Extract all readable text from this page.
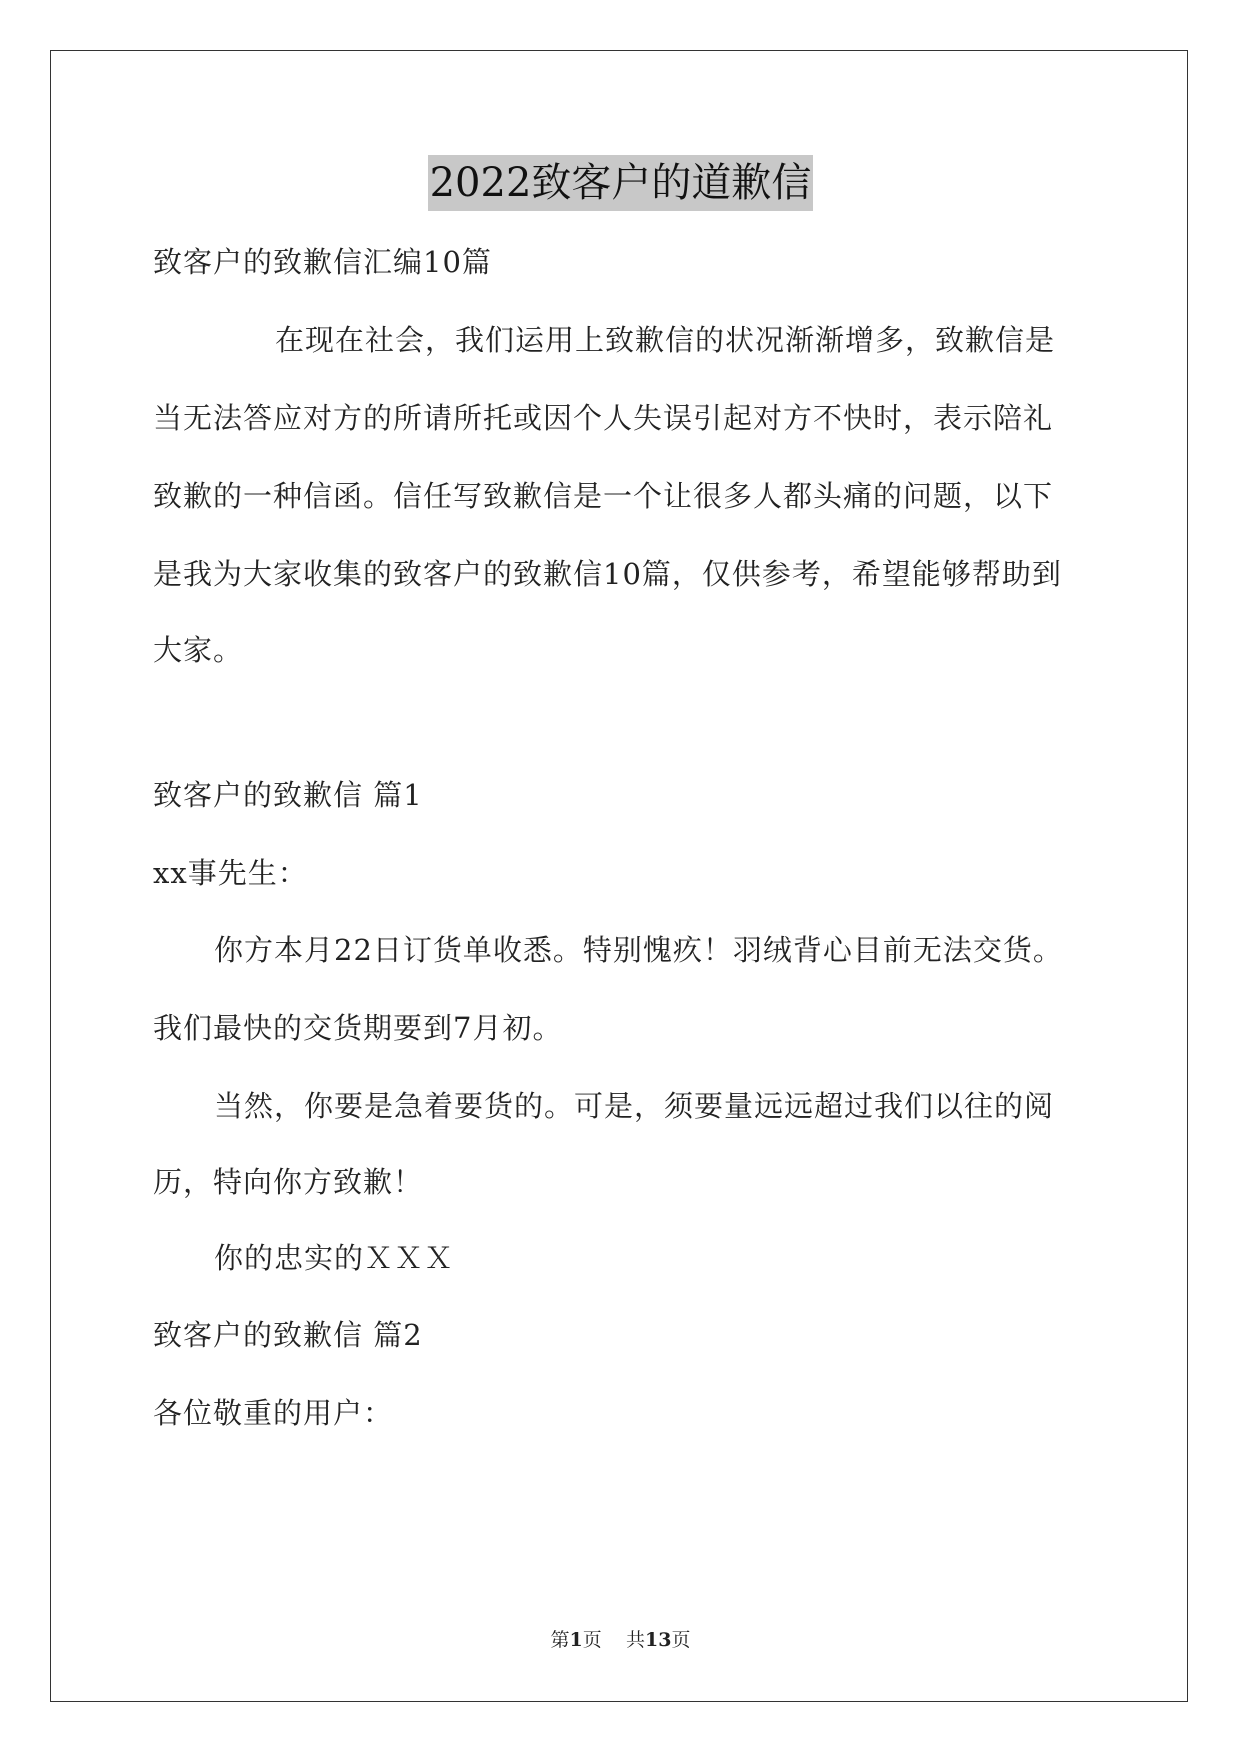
2022致客户的道歉信
致客户的致歉信汇编10篇
在现在社会，我们运用上致歉信的状况渐渐增多，致歉信是
当无法答应对方的所请所托或因个人失误引起对方不快时，表示陪礼
致歉的一种信函。信任写致歉信是一个让很多人都头痛的问题，以下
是我为大家收集的致客户的致歉信10篇，仅供参考，希望能够帮助到
大家。
致客户的致歉信 篇1
xx事先生：
你方本月22日订货单收悉。特别愧疚！羽绒背心目前无法交货。
我们最快的交货期要到7月初。
当然，你要是急着要货的。可是，须要量远远超过我们以往的阅
历，特向你方致歉！
你的忠实的ＸＸＸ
致客户的致歉信 篇2
各位敬重的用户：
第1页 共13页
